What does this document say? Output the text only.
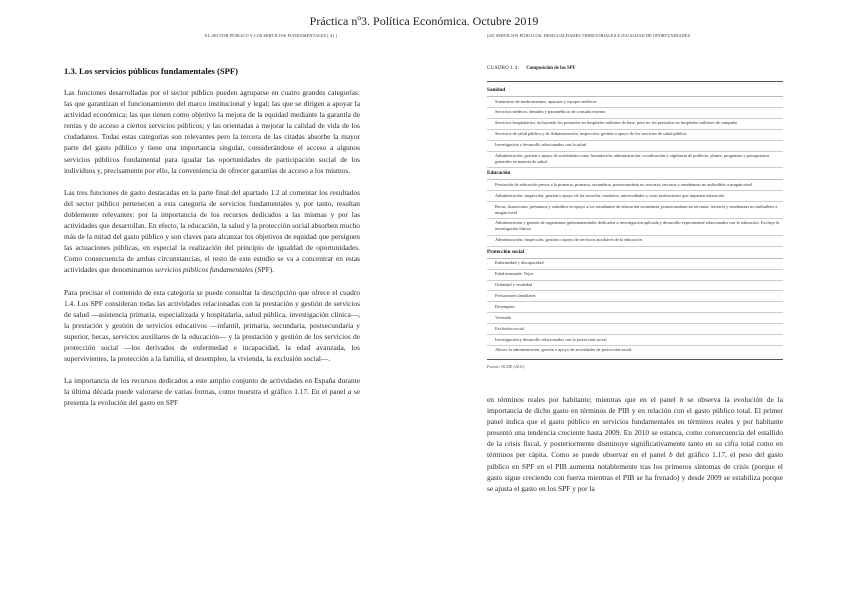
Práctica nº3. Política Económica. Octubre 2019
EL SECTOR PÚBLICO Y LOS SERVICIOS FUNDAMENTALES [ 41 ]	[42] SERVICIOS PÚBLICOS, DESIGUALDADES TERRITORIALES E IGUALDAD DE OPORTUNIDADES
1.3. Los servicios públicos fundamentales (SPF)

Las funciones desarrolladas por el sector público pueden agruparse en cuatro grandes categorías: las que garantizan el funcionamiento del marco institucional y legal; las que se dirigen a apoyar la actividad económica; las que tienen como objetivo la mejora de la equidad mediante la garantía de rentas y de acceso a ciertos servicios públicos; y las orientadas a mejorar la calidad de vida de los ciudadanos. Todas estas categorías son relevantes pero la tercera de las citadas absorbe la mayor parte del gasto público y tiene una importancia singular, considerándose el acceso a algunos servicios públicos fundamental para igualar las oportunidades de participación social de los individuos y, precisamente por ello, la conveniencia de ofrecer garantías de acceso a los mismos.

Las tres funciones de gasto destacadas en la parte final del apartado 1.2 al comentar los resultados del sector público pertenecen a esta categoría de servicios fundamentales y, por tanto, resultan doblemente relevantes: por la importancia de los recursos dedicados a las mismas y por las actividades que desarrollan. En efecto, la educación, la salud y la protección social absorben mucho más de la mitad del gasto público y son claves para alcanzar los objetivos de equidad que persiguen las actuaciones públicas, en especial la realización del principio de igualdad de oportunidades. Como consecuencia de ambas circunstancias, el resto de este estudio se va a concentrar en estas actividades que denominamos servicios públicos fundamentales (SPF).

Para precisar el contenido de esta categoría se puede consultar la descripción que ofrece el cuadro 1.4. Los SPF consideran todas las actividades relacionadas con la prestación y gestión de servicios de salud —asistencia primaria, especializada y hospitalaria, salud pública, investigación clínica—, la prestación y gestión de servicios educativos —infantil, primaria, secundaria, postsecundaria y superior, becas, servicios auxiliares de la educación— y la prestación y gestión de los servicios de protección social —los derivados de enfermedad e incapacidad, la edad avanzada, los supervivientes, la protección a la familia, el desempleo, la vivienda, la exclusión social—.

La importancia de los recursos dedicados a este amplio conjunto de actividades en España durante la última década puede valorarse de varias formas, como muestra el gráfico 1.17. En el panel a se presenta la evolución del gasto en SPF

CUADRO 1.4: Composición de los SPF
Sanidad
Suministro de medicamentos, aparatos y equipos médicos
Servicios médicos, dentales y paramédicos de consulta externa
Servicios hospitalarios, incluyendo los prestados en hospitales militares de base, pero no los prestados en hospitales militares de campaña
Servicios de salud pública y de Administración, inspección, gestión o apoyo de los servicios de salud pública
Investigación y desarrollo relacionados con la salud
Administración, gestión o apoyo de actividades como formulación, administración, coordinación y vigilancia de políticas, planes, programas y presupuestos generales en materia de salud.
Educación
Prestación de educación previa a la primaria, primaria, secundaria, postsecundaria no terciaria, terciaria y enseñanzas no atribuibles a ningún nivel
Administración, inspección, gestión o apoyo de las escuelas, institutos, universidades y otras instituciones que imparten educación
Becas, donaciones, préstamos y subsidios en apoyo a los estudiantes de educación secundaria, postsecundaria no terciaria, terciaria y enseñanzas no atribuibles a ningún nivel.
Administración y gestión de organismos gubernamentales dedicados a investigación aplicada y desarrollo experimental relacionados con la educación. Excluye la investigación básica.
Administración, inspección, gestión o apoyo de servicios auxiliares de la educación
Protección social
Enfermedad y discapacidad
Edad avanzada. Vejez
Orfandad y viudedad
Prestaciones familiares
Desempleo
Vivienda
Exclusión social
Investigación y desarrollo relacionados con la protección social
Ahorro la administración, gestión o apoyo de actividades de protección social
Fuente: OCDE (2011).

en términos reales por habitante; mientras que en el panel b se observa la evolución de la importancia de dicho gasto en términos de PIB y en relación con el gasto público total. El primer panel indica que el gasto público en servicios fundamentales en términos reales y por habitante presentó una tendencia creciente hasta 2009. En 2010 se estanca, como consecuencia del estallido de la crisis fiscal, y posteriormente disminuye significativamente tanto en su cifra total como en términos per cápita. Como se puede observar en el panel b del gráfico 1.17, el peso del gasto público en SPF en el PIB aumenta notablemente tras los primeros síntomas de crisis (porque el gasto sigue creciendo con fuerza mientras el PIB se ha frenado) y desde 2009 se estabiliza porque se ajusta el gasto en los SPF y por la
